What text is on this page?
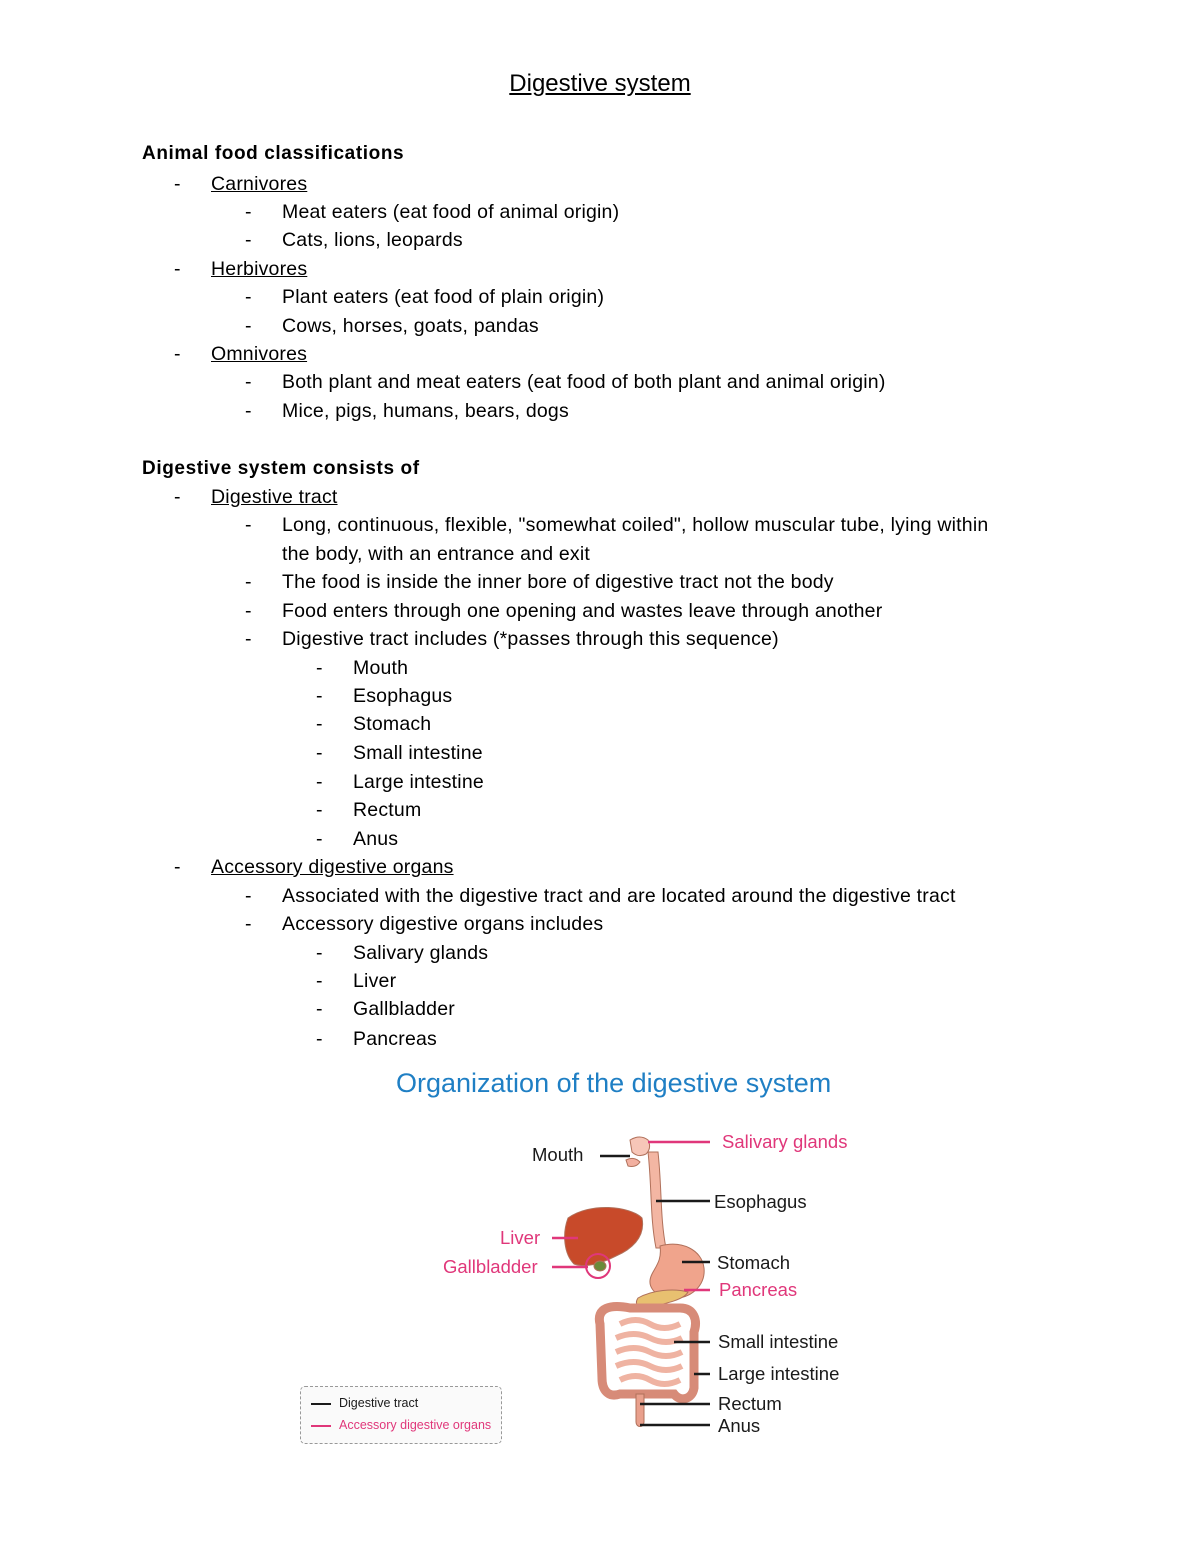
Digestive system
Animal food classifications
- Carnivores
- Meat eaters (eat food of animal origin)
- Cats, lions, leopards
- Herbivores
- Plant eaters (eat food of plain origin)
- Cows, horses, goats, pandas
- Omnivores
- Both plant and meat eaters (eat food of both plant and animal origin)
- Mice, pigs, humans, bears, dogs
Digestive system consists of
- Digestive tract
- Long, continuous, flexible, "somewhat coiled", hollow muscular tube, lying within
the body, with an entrance and exit
- The food is inside the inner bore of digestive tract not the body
- Food enters through one opening and wastes leave through another
- Digestive tract includes (*passes through this sequence)
- Mouth
- Esophagus
- Stomach
- Small intestine
- Large intestine
- Rectum
- Anus
- Accessory digestive organs
- Associated with the digestive tract and are located around the digestive tract
- Accessory digestive organs includes
- Salivary glands
- Liver
- Gallbladder
- Pancreas
Organization of the digestive system
Mouth
Salivary glands
Esophagus
Liver
Gallbladder	Stomach
Pancreas
Small intestine
Large intestine
Rectum
Anus
Digestive tract
Accessory digestive organs
